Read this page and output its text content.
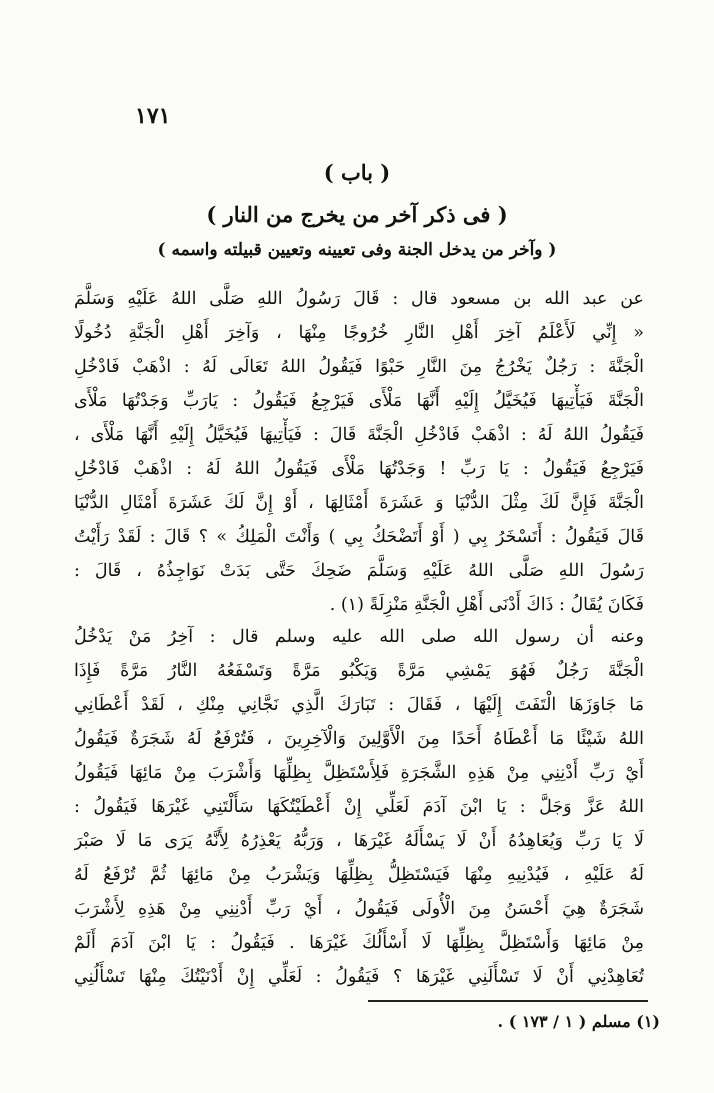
١٧١
( باب )
( فى ذكر آخر من يخرج من النار )
( وآخر من يدخل الجنة وفى تعيينه وتعيين قبيلته واسمه )
عن عبد الله بن مسعود قال : قَالَ رَسُولُ اللهِ صَلَّى اللهُ عَلَيْهِ وَسَلَّمَ
« إِنِّي لَأَعْلَمُ آخِرَ أَهْلِ النَّارِ خُرُوجًا مِنْهَا ، وَآخِرَ أَهْلِ الْجَنَّةِ دُخُولًا
الْجَنَّةَ : رَجُلٌ يَخْرُجُ مِنَ النَّارِ حَبْوًا فَيَقُولُ اللهُ تَعَالَى لَهُ : اذْهَبْ فَادْخُلِ
الْجَنَّةَ فَيَأْتِيهَا فَيُخَيَّلُ إِلَيْهِ أَنَّهَا مَلْأَى فَيَرْجِعُ فَيَقُولُ : يَارَبِّ وَجَدْتُهَا مَلْأَى
فَيَقُولُ اللهُ لَهُ : اذْهَبْ فَادْخُلِ الْجَنَّةَ قَالَ : فَيَأْتِيهَا فَيُخَيَّلُ إِلَيْهِ أَنَّهَا مَلْأَى ،
فَيَرْجِعُ فَيَقُولُ : يَا رَبِّ ! وَجَدْتُهَا مَلْأَى فَيَقُولُ اللهُ لَهُ : اذْهَبْ فَادْخُلِ
الْجَنَّةَ فَإِنَّ لَكَ مِثْلَ الدُّنْيَا وَ عَشَرَةَ أَمْثَالِهَا ، أَوْ إِنَّ لَكَ عَشَرَةَ أَمْثَالِ الدُّنْيَا
قَالَ فَيَقُولُ : أَتَسْخَرُ بِي ( أَوْ أَتَضْحَكُ بِي ) وَأَنْتَ الْمَلِكُ » ؟ قَالَ : لَقَدْ رَأَيْتُ
رَسُولَ اللهِ صَلَّى اللهُ عَلَيْهِ وَسَلَّمَ ضَحِكَ حَتَّى بَدَتْ نَوَاجِذُهُ ، قَالَ :
فَكَانَ يُقَالُ : ذَاكَ أَدْنَى أَهْلِ الْجَنَّةِ مَنْزِلَةً (١) .
وعنه أن رسول الله صلى الله عليه وسلم قال : آخِرُ مَنْ يَدْخُلُ
الْجَنَّةَ رَجُلٌ فَهُوَ يَمْشِي مَرَّةً وَيَكْبُو مَرَّةً وَتَسْفَعُهُ النَّارُ مَرَّةً فَإِذَا
مَا جَاوَزَهَا الْتَفَتَ إِلَيْهَا ، فَقَالَ : تَبَارَكَ الَّذِي نَجَّانِي مِنْكِ ، لَقَدْ أَعْطَانِي
اللهُ شَيْئًا مَا أَعْطَاهُ أَحَدًا مِنَ الْأَوَّلِينَ وَالْآخِرِينَ ، فَتُرْفَعُ لَهُ شَجَرَةٌ فَيَقُولُ
أَيْ رَبِّ أَدْنِنِي مِنْ هَذِهِ الشَّجَرَةِ فَلِأَسْتَظِلَّ بِظِلِّهَا وَأَشْرَبَ مِنْ مَائِهَا فَيَقُولُ
اللهُ عَزَّ وَجَلَّ : يَا ابْنَ آدَمَ لَعَلِّي إِنْ أَعْطَيْتُكَهَا سَأَلْتَنِي غَيْرَهَا فَيَقُولُ :
لَا يَا رَبِّ وَيُعَاهِدُهُ أَنْ لَا يَسْأَلَهُ غَيْرَهَا ، وَرَبُّهُ يَعْذِرُهُ لِأَنَّهُ يَرَى مَا لَا صَبْرَ
لَهُ عَلَيْهِ ، فَيُدْنِيهِ مِنْهَا فَيَسْتَظِلُّ بِظِلِّهَا وَيَشْرَبُ مِنْ مَائِهَا ثُمَّ تُرْفَعُ لَهُ
شَجَرَةٌ هِيَ أَحْسَنُ مِنَ الْأُولَى فَيَقُولُ ، أَيْ رَبِّ أَدْنِنِي مِنْ هَذِهِ لِأَشْرَبَ
مِنْ مَائِهَا وَأَسْتَظِلَّ بِظِلِّهَا لَا أَسْأَلُكَ غَيْرَهَا . فَيَقُولُ : يَا ابْنَ آدَمَ أَلَمْ
تُعَاهِدْنِي أَنْ لَا تَسْأَلَنِي غَيْرَهَا ؟ فَيَقُولُ : لَعَلِّي إِنْ أَدْنَيْتُكَ مِنْهَا تَسْأَلُنِي
(١) مسلم ( ١ / ١٧٣ ) .
